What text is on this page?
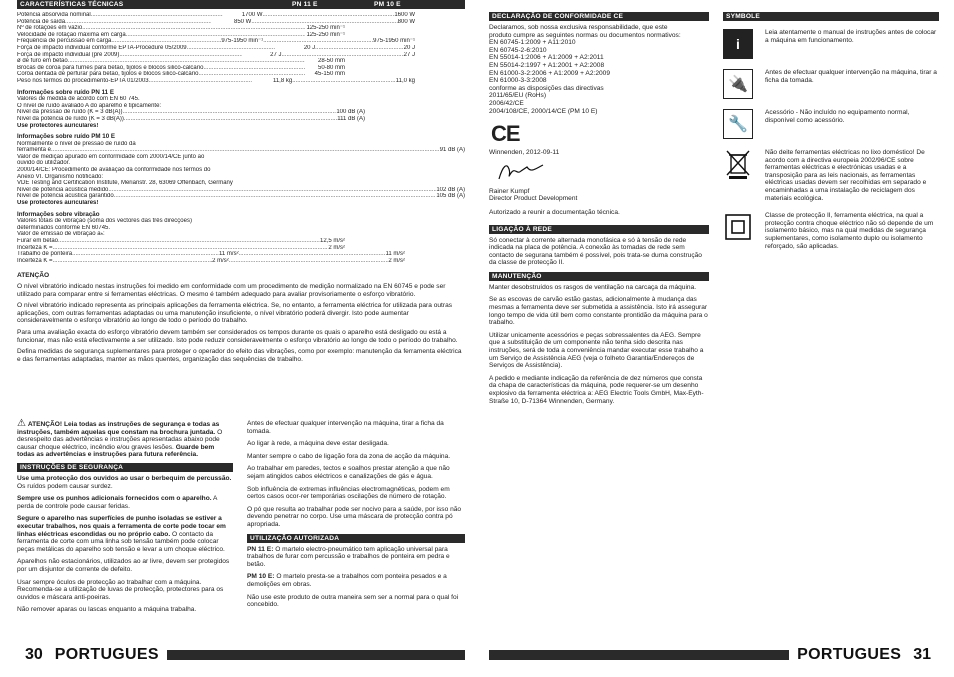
CARACTERÍSTICAS TÉCNICAS	PN 11 E	PM 10 E
Potência absorvida nominal .....	1700 W .....	1600 W
Potência de saída .....	850 W .....	800 W
Nº de rotações em vazio .....	125-250 min⁻¹
Velocidade de rotação máxima em carga .....	125-250 min⁻¹
Frequência de percussão em carga .....	975-1950 min⁻¹ .....	975-1950 min⁻¹
Força de impacto individual conforme EPTA-Procedure 05/2009 .....	20 J .....	20 J
Força de impacto individual (pre 2009) .....	27 J .....	27 J
ø de furo em betão .....	28-50 mm
Brocas de coroa para furnes para betão, tijolos e blocos silico-calcario .....	50-80 mm
Corôa dentada de perfurar para betão, tijolos e blocos silico-calcário .....	45-150 mm
Peso nos termos do procedimento-EPTA 01/2003 .....	11,8 kg .....	11,0 kg
Informações sobre ruído PN 11 E
Valores de medida de acordo com EN 60 745.
O nível de ruído avaliado A do aparelho é tipicamente:
Nível da pressão de ruído (K = 3 dB(A)) .....	100 dB (A)
Nível da potência de ruído (K = 3 dB(A)) .....	111 dB (A)
Use protectores auriculares!
Informações sobre ruído PM 10 E
Normalmente o nível de pressão de ruído da
ferramenta é .....	91 dB (A)
Valor de medição apurado em conformidade com 2000/14/CE junto ao
ouvido do utilizador.
2000/14/CE: Procedimento de avaliação da conformidade nos termos do
Anexo VI. Organismo notificado:
VDE Testing and Certification Institute, Merianstr. 28, 63069 Offenbach, Germany
Nível de potência acústica medido .....	102 dB (A)
Nível de potência acústica garantido .....	105 dB (A)
Use protectores auriculares!
Informações sobre vibração
Valores totais de vibração (soma dos vectores das três direcções)
determinados conforme EN 60745.
Valor de emissão de vibração aₕ:
Furar em betão .....	12,5 m/s²
Incerteza K = .....	2 m/s²
Trabalho de ponteira .....	11 m/s² .....	11 m/s²
Incerteza K = .....	2 m/s² .....	2 m/s²
ATENÇÃO
O nível vibratório indicado nestas instruções foi medido em conformidade com um procedimento de medição normalizado na EN 60745 e pode ser utilizado para comparar entre si ferramentas eléctricas. O mesmo é também adequado para avaliar provisoriamente o esforço vibratório.
O nível vibratório indicado representa as principais aplicações da ferramenta eléctrica. Se, no entanto, a ferramenta eléctrica for utilizada para outras aplicações, com outras ferramentas adaptadas ou uma manutenção insuficiente, o nível vibratório poderá divergir. Isto pode aumentar consideravelmente o esforço vibratório ao longo de todo o período do trabalho.
Para uma avaliação exacta do esforço vibratório devem também ser considerados os tempos durante os quais o aparelho está desligado ou está a funcionar, mas não está efectivamente a ser utilizado. Isto pode reduzir consideravelmente o esforço vibratório ao longo de todo o período do trabalho.
Defina medidas de segurança suplementares para proteger o operador do efeito das vibrações, como por exemplo: manutenção da ferramenta eléctrica e das ferramentas adaptadas, manter as mãos quentes, organização das sequências de trabalho.
⚠ ATENÇÃO! Leia todas as instruções de segurança e todas as instruções, também aquelas que constam na brochura juntada. O desrespeito das advertências e instruções apresentadas abaixo pode causar choque eléctrico, incêndio e/ou graves lesões. Guarde bem todas as advertências e instruções para futura referência.
INSTRUÇÕES DE SEGURANÇA
Use uma protecção dos ouvidos ao usar o berbequim de percussão. Os ruídos podem causar surdez.
Sempre use os punhos adicionais fornecidos com o aparelho. A perda de controle pode causar feridas.
Segure o aparelho nas superfícies de punho isoladas se estiver a executar trabalhos, nos quais a ferramenta de corte pode tocar em linhas eléctricas escondidas ou no próprio cabo. O contacto da ferramenta de corte com uma linha sob tensão também pode colocar peças metálicas do aparelho sob tensão e levar a um choque eléctrico.
Aparelhos não estacionários, utilizados ao ar livre, devem ser protegidos por um disjuntor de corrente de defeito.
Usar sempre óculos de protecção ao trabalhar com a máquina. Recomenda-se a utilização de luvas de protecção, protectores para os ouvidos e máscara anti-poeiras.
Não remover aparas ou lascas enquanto a máquina trabalha.
Antes de efectuar qualquer intervenção na máquina, tirar a ficha da tomada.
Ao ligar à rede, a máquina deve estar desligada.
Manter sempre o cabo de ligação fora da zona de acção da máquina.
Ao trabalhar em paredes, tectos e soalhos prestar atenção a que não sejam atingidos cabos eléctricos e canalizações de gás e água.
Sob influência de extremas influências electromagnéticas, podem em certos casos ocor-rer temporárias oscilações de número de rotação.
O pó que resulta ao trabalhar pode ser nocivo para a saúde, por isso não devendo penetrar no corpo. Use uma máscara de protecção contra pó apropriada.
UTILIZAÇÃO AUTORIZADA
PN 11 E: O martelo electro-pneumático tem aplicação universal para trabalhos de furar com percussão e trabalhos de ponteira em pedra e betão.
PM 10 E: O martelo presta-se a trabalhos com ponteira pesados e a demolições em obras.
Não use este produto de outra maneira sem ser a normal para o qual foi concebido.
30 PORTUGUES
DECLARAÇÃO DE CONFORMIDADE CE
Declaramos, sob nossa exclusiva responsabilidade, que este
produto cumpre as seguintes normas ou documentos normativos:
EN 60745-1:2009 + A11:2010
EN 60745-2-6:2010
EN 55014-1:2006 + A1:2009 + A2:2011
EN 55014-2:1997 + A1:2001 + A2:2008
EN 61000-3-2:2006 + A1:2009 + A2:2009
EN 61000-3-3:2008
conforme as disposições das directivas
2011/65/EU (RoHs)
2006/42/CE
2004/108/CE, 2000/14/CE (PM 10 E)
CE
Winnenden, 2012-09-11
Rainer Kumpf
Director Product Development
Autorizado a reunir a documentação técnica.
LIGAÇÃO À REDE
Só conectar à corrente alternada monofásica e só à tensão de rede indicada na placa de potência. A conexão às tomadas de rede sem contacto de segurana também é possível, pois trata-se duma construção da classe de protecção II.
MANUTENÇÃO
Manter desobstruídos os rasgos de ventilação na carcaça da máquina.
Se as escovas de carvão estão gastas, adicionalmente à mudança das mesmas a ferramenta deve ser submetida a assistência. Isto irá assegurar longo tempo de vida útil bem como constante prontidão da máquina para o trabalho.
Utilizar unicamente acessórios e peças sobressalentes da AEG. Sempre que a substituição de um componente não tenha sido descrita nas instruções, será de toda a conveniência mandar executar esse trabalho a um Serviço de Assistência AEG (veja o folheto Garantia/Endereços de Serviços de Assistência).
A pedido e mediante indicação da referência de dez números que consta da chapa de características da máquina, pode requerer-se um desenho explosivo da ferramenta eléctrica a: AEG Electric Tools GmbH, Max-Eyth-Straße 10, D-71364 Winnenden, Germany.
SYMBOLE
i
Leia atentamente o manual de instruções antes de colocar a máquina em funcionamento.
🔌
Antes de efectuar qualquer intervenção na máquina, tirar a ficha da tomada.
🔧
Acessório - Não incluído no equipamento normal, disponível como acessório.
Não deite ferramentas eléctricas no lixo doméstico! De acordo com a directiva europeia 2002/96/CE sobre ferramentas eléctricas e electrónicas usadas e a transposição para as leis nacionais, as ferramentas eléctricas usadas devem ser recolhidas em separado e encaminhadas a uma instalação de reciclagem dos materiais ecológica.
Classe de protecção II, ferramenta eléctrica, na qual a protecção contra choque eléctrico não só depende de um isolamento básico, mas na qual medidas de segurança suplementares, como isolamento duplo ou isolamento reforçado, são aplicadas.
PORTUGUES 31
